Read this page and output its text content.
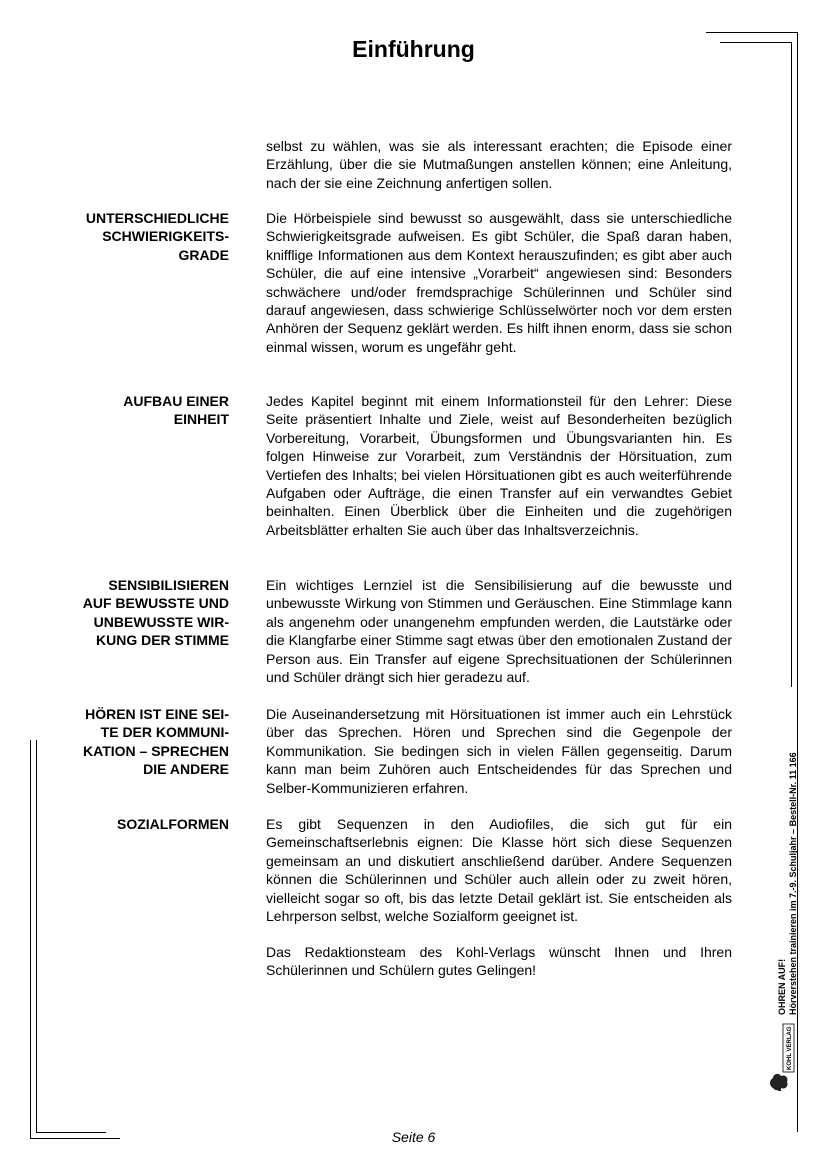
Einführung
selbst zu wählen, was sie als interessant erachten; die Episode einer Erzählung, über die sie Mutmaßungen anstellen können; eine Anleitung, nach der sie eine Zeichnung anfertigen sollen.
UNTERSCHIEDLICHE
SCHWIERIGKEITS-
GRADE
Die Hörbeispiele sind bewusst so ausgewählt, dass sie unterschiedliche Schwierigkeitsgrade aufweisen. Es gibt Schüler, die Spaß daran haben, knifflige Informationen aus dem Kontext herauszufinden; es gibt aber auch Schüler, die auf eine intensive „Vorarbeit“ angewiesen sind: Besonders schwächere und/oder fremdsprachige Schülerinnen und Schüler sind darauf angewiesen, dass schwierige Schlüsselwörter noch vor dem ersten Anhören der Sequenz geklärt werden. Es hilft ihnen enorm, dass sie schon einmal wissen, worum es ungefähr geht.
AUFBAU EINER
EINHEIT
Jedes Kapitel beginnt mit einem Informationsteil für den Lehrer: Diese Seite präsentiert Inhalte und Ziele, weist auf Besonderheiten bezüglich Vorbereitung, Vorarbeit, Übungsformen und Übungsvarianten hin. Es folgen Hinweise zur Vorarbeit, zum Verständnis der Hörsituation, zum Vertiefen des Inhalts; bei vielen Hörsituationen gibt es auch weiterführende Aufgaben oder Aufträge, die einen Transfer auf ein verwandtes Gebiet beinhalten. Einen Überblick über die Einheiten und die zugehörigen Arbeitsblätter erhalten Sie auch über das Inhaltsverzeichnis.
SENSIBILISIEREN
AUF BEWUSSTE UND
UNBEWUSSTE WIR-
KUNG DER STIMME
Ein wichtiges Lernziel ist die Sensibilisierung auf die bewusste und unbewusste Wirkung von Stimmen und Geräuschen. Eine Stimmlage kann als angenehm oder unangenehm empfunden werden, die Lautstärke oder die Klangfarbe einer Stimme sagt etwas über den emotionalen Zustand der Person aus. Ein Transfer auf eigene Sprechsituationen der Schülerinnen und Schüler drängt sich hier geradezu auf.
HÖREN IST EINE SEI-
TE DER KOMMUNI-
KATION – SPRECHEN
DIE ANDERE
Die Auseinandersetzung mit Hörsituationen ist immer auch ein Lehrstück über das Sprechen. Hören und Sprechen sind die Gegenpole der Kommunikation. Sie bedingen sich in vielen Fällen gegenseitig. Darum kann man beim Zuhören auch Entscheidendes für das Sprechen und Selber-Kommunizieren erfahren.
SOZIALFORMEN	Es gibt Sequenzen in den Audiofiles, die sich gut für ein Gemeinschaftserlebnis eignen: Die Klasse hört sich diese Sequenzen gemeinsam an und diskutiert anschließend darüber. Andere Sequenzen können die Schülerinnen und Schüler auch allein oder zu zweit hören, vielleicht sogar so oft, bis das letzte Detail geklärt ist. Sie entscheiden als Lehrperson selbst, welche Sozialform geeignet ist.
Das Redaktionsteam des Kohl-Verlags wünscht Ihnen und Ihren Schülerinnen und Schülern gutes Gelingen!	OHREN AUF! Hörverstehen trainieren im 7.-9. Schuljahr – Bestell-Nr. 11 166
KOHL VERLAG
Seite 6
